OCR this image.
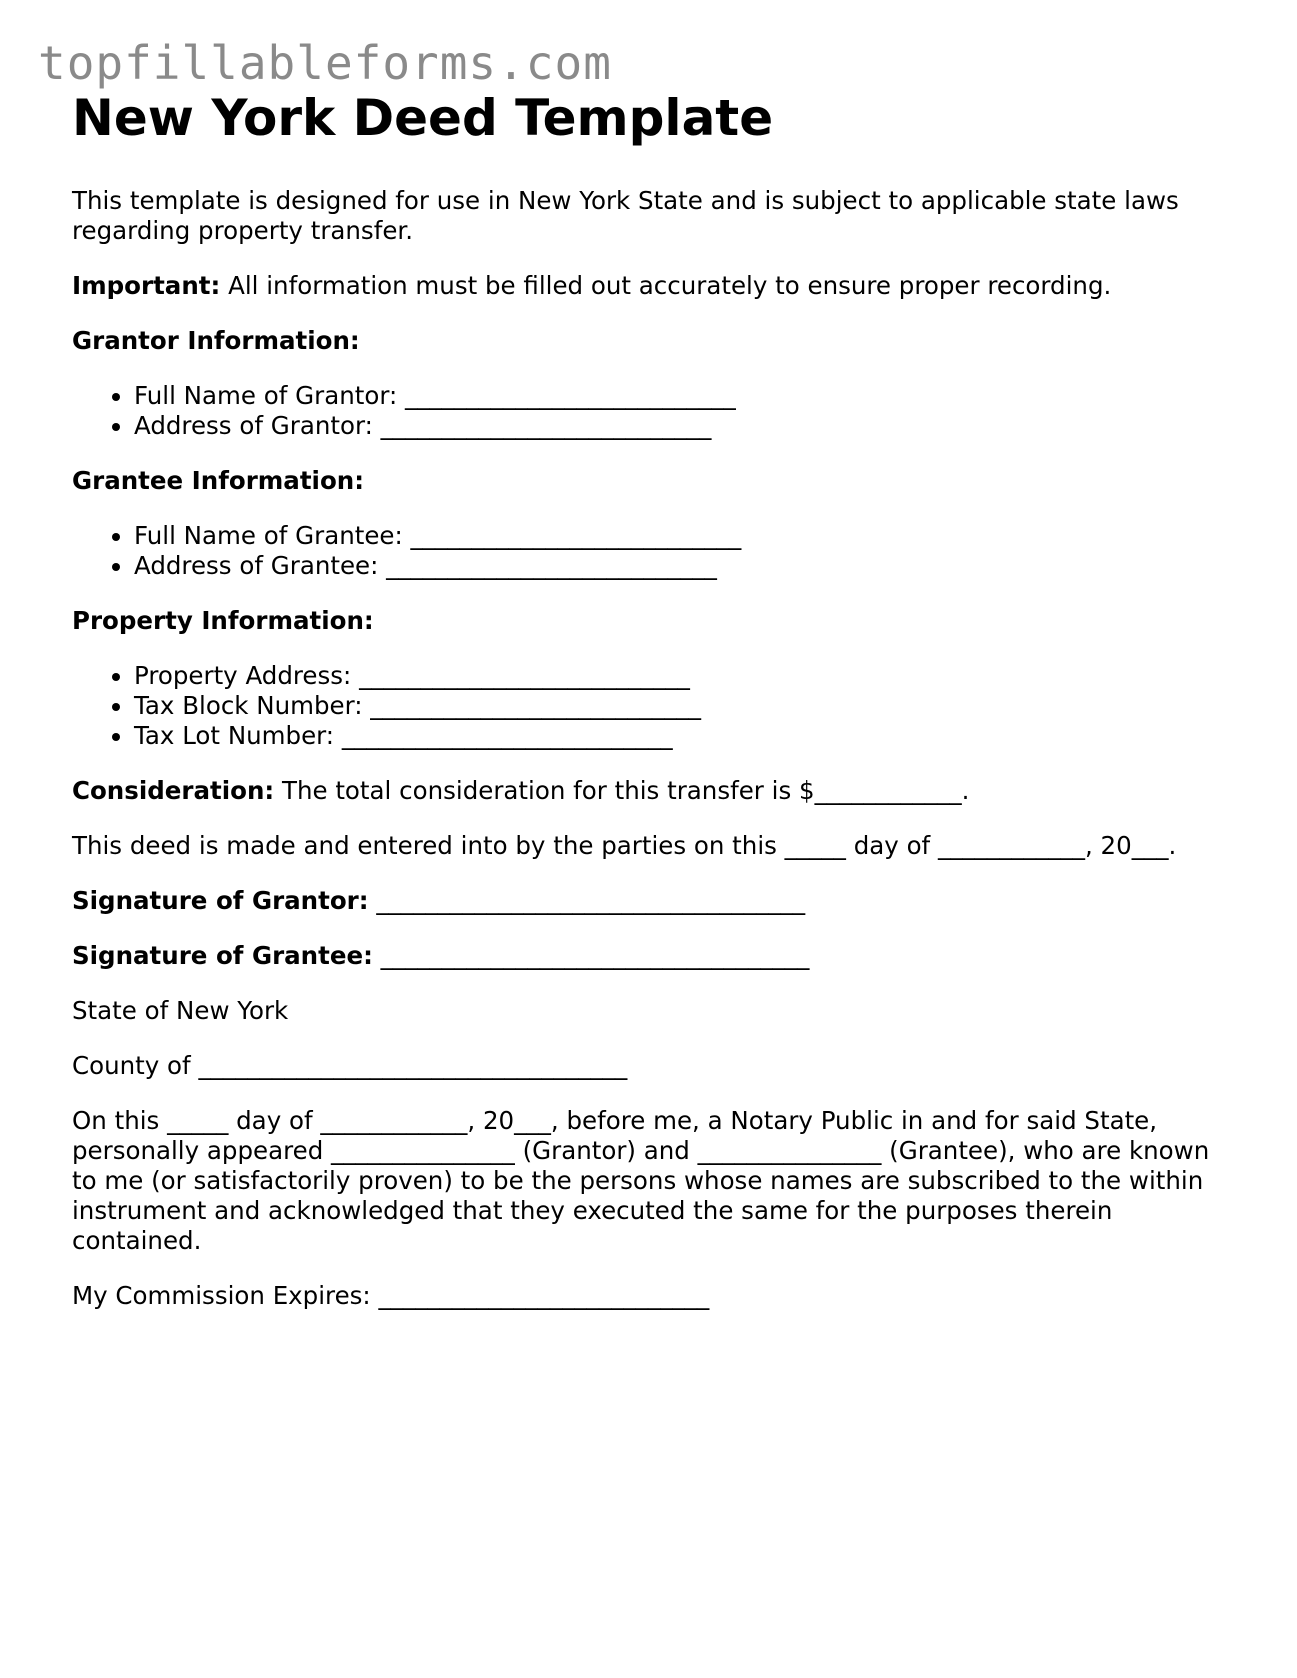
topfillableforms.com
New York Deed Template

This template is designed for use in New York State and is subject to applicable state laws regarding property transfer.

Important: All information must be filled out accurately to ensure proper recording.

Grantor Information:

• Full Name of Grantor: ___________________________
• Address of Grantor: ___________________________

Grantee Information:

• Full Name of Grantee: ___________________________
• Address of Grantee: ___________________________

Property Information:

• Property Address: ___________________________
• Tax Block Number: ___________________________
• Tax Lot Number: ___________________________

Consideration: The total consideration for this transfer is $____________.

This deed is made and entered into by the parties on this _____ day of ____________, 20___.

Signature of Grantor: ___________________________________

Signature of Grantee: ___________________________________

State of New York

County of ___________________________________

On this _____ day of ____________, 20___, before me, a Notary Public in and for said State, personally appeared _______________ (Grantor) and _______________ (Grantee), who are known to me (or satisfactorily proven) to be the persons whose names are subscribed to the within instrument and acknowledged that they executed the same for the purposes therein contained.

My Commission Expires: ___________________________
